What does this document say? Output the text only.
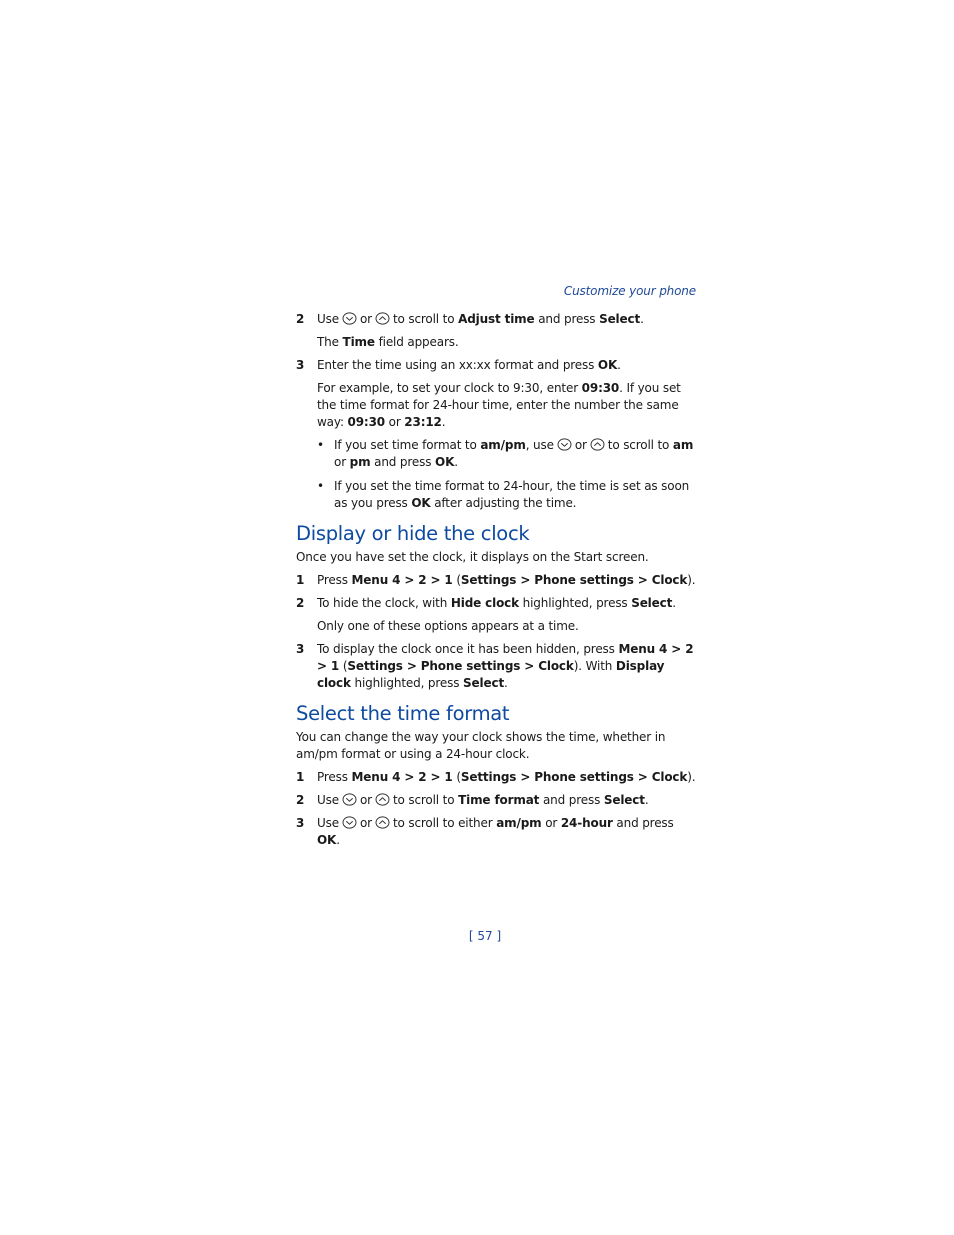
Customize your phone
2	Use or to scroll to Adjust time and press Select.
The Time field appears.
3	Enter the time using an xx:xx format and press OK.
For example, to set your clock to 9:30, enter 09:30. If you set the time format for 24-hour time, enter the number the same way: 09:30 or 23:12.
• If you set time format to am/pm, use or to scroll to am or pm and press OK.
• If you set the time format to 24-hour, the time is set as soon as you press OK after adjusting the time.
Display or hide the clock
Once you have set the clock, it displays on the Start screen.
1	Press Menu 4 > 2 > 1 (Settings > Phone settings > Clock).
2	To hide the clock, with Hide clock highlighted, press Select.
Only one of these options appears at a time.
3	To display the clock once it has been hidden, press Menu 4 > 2 > 1 (Settings > Phone settings > Clock). With Display clock highlighted, press Select.
Select the time format
You can change the way your clock shows the time, whether in am/pm format or using a 24-hour clock.
1	Press Menu 4 > 2 > 1 (Settings > Phone settings > Clock).
2	Use or to scroll to Time format and press Select.
3	Use or to scroll to either am/pm or 24-hour and press OK.
[ 57 ]
